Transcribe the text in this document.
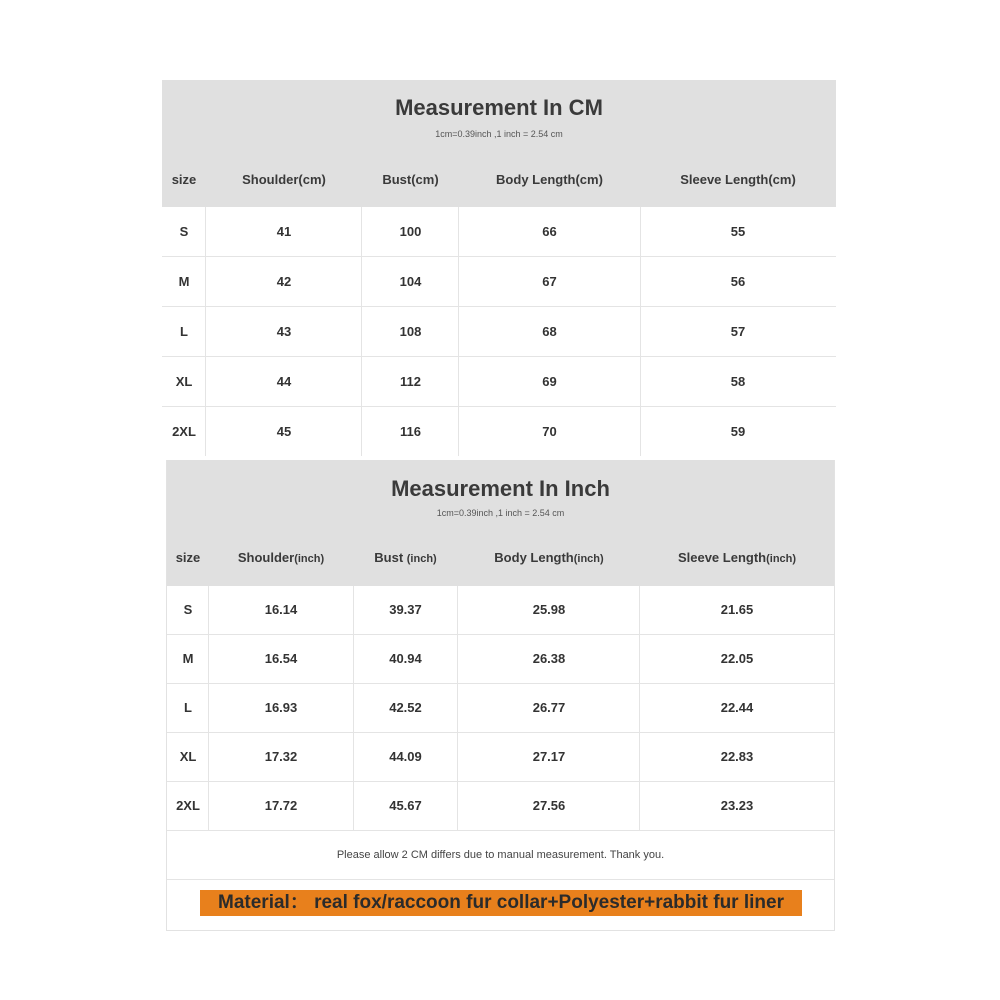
Measurement In CM
1cm=0.39inch ,1 inch = 2.54 cm
size	Shoulder(cm)	Bust(cm)	Body Length(cm)	Sleeve Length(cm)
S	41	100	66	55
M	42	104	67	56
L	43	108	68	57
XL	44	112	69	58
2XL	45	116	70	59
Measurement In Inch
1cm=0.39inch ,1 inch = 2.54 cm
size	Shoulder(inch)	Bust (inch)	Body Length(inch)	Sleeve Length(inch)
S	16.14	39.37	25.98	21.65
M	16.54	40.94	26.38	22.05
L	16.93	42.52	26.77	22.44
XL	17.32	44.09	27.17	22.83
2XL	17.72	45.67	27.56	23.23
Please allow 2 CM differs due to manual measurement. Thank you.
Material： real fox/raccoon fur collar+Polyester+rabbit fur liner
